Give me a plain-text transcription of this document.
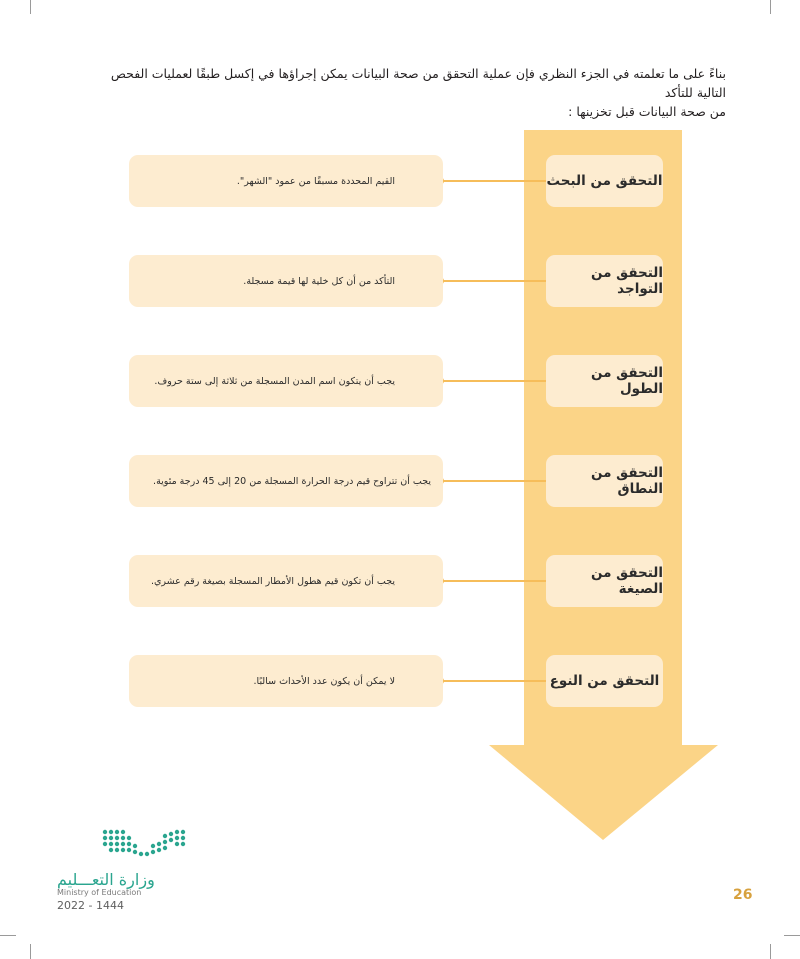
بناءً على ما تعلمته في الجزء النظري فإن عملية التحقق من صحة البيانات يمكن إجراؤها في إكسل طبقًا لعمليات الفحص التالية للتأكد
من صحة البيانات قبل تخزينها :
التحقق من البحث
القيم المحددة مسبقًا من عمود "الشهر".
التحقق من التواجد
التأكد من أن كل خلية لها قيمة مسجلة.
التحقق من الطول
يجب أن يتكون اسم المدن المسجلة من ثلاثة إلى ستة حروف.
التحقق من النطاق
يجب أن تتراوح قيم درجة الحرارة المسجلة من 20 إلى 45 درجة مئوية.
التحقق من الصيغة
يجب أن تكون قيم هطول الأمطار المسجلة بصيغة رقم عشري.
التحقق من النوع
لا يمكن أن يكون عدد الأحداث سالبًا.
وزارة التعـــليم
Ministry of Education
2022 - 1444
26
